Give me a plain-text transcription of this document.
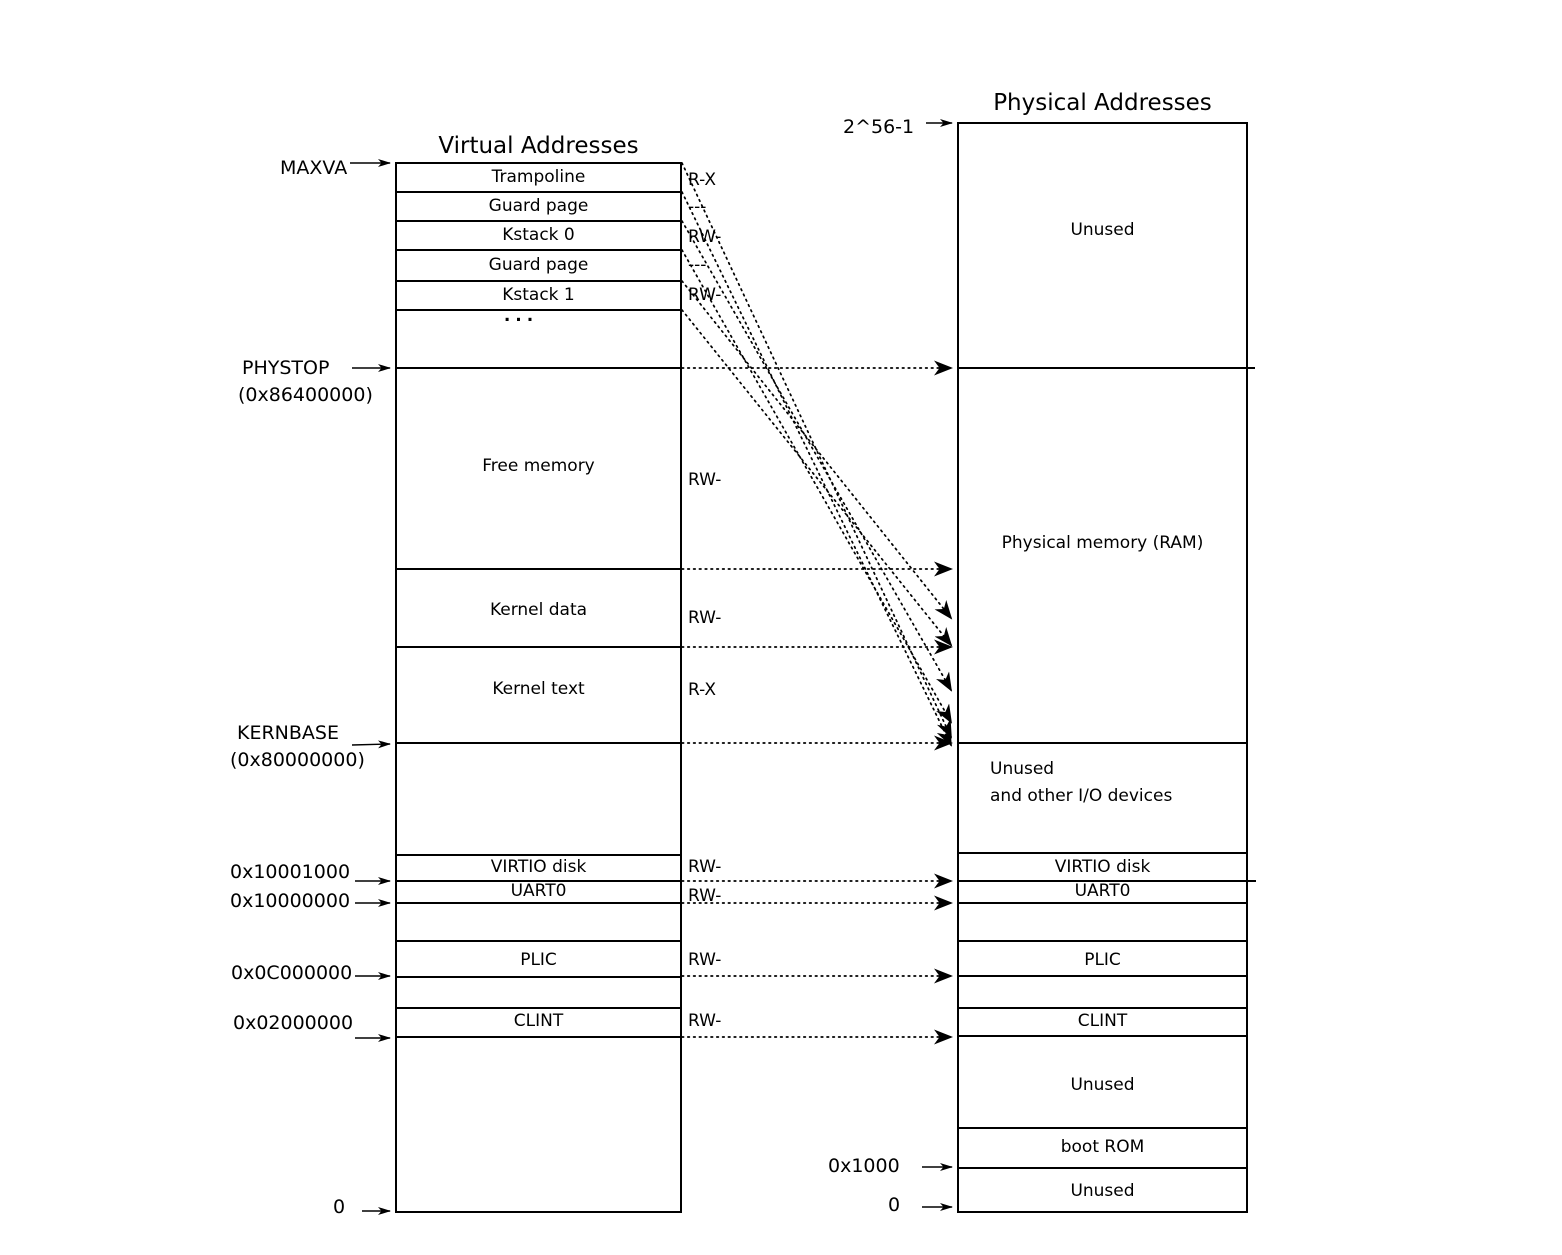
Virtual Addresses
Physical Addresses
MAXVA
PHYSTOP
(0x86400000)
KERNBASE
(0x80000000)
0x10001000
0x10000000
0x0C000000
0x02000000
0
2^56-1
0x1000
0
Trampoline
Guard page
Kstack 0
Guard page
Kstack 1
...
Free memory
Kernel data
Kernel text
VIRTIO disk
UART0
PLIC
CLINT
R-X
---
RW-
---
RW-
RW-
RW-
R-X
RW-
RW-
RW-
RW-
Unused
Physical memory (RAM)
Unused
and other I/O devices
VIRTIO disk
UART0
PLIC
CLINT
Unused
boot ROM
Unused
